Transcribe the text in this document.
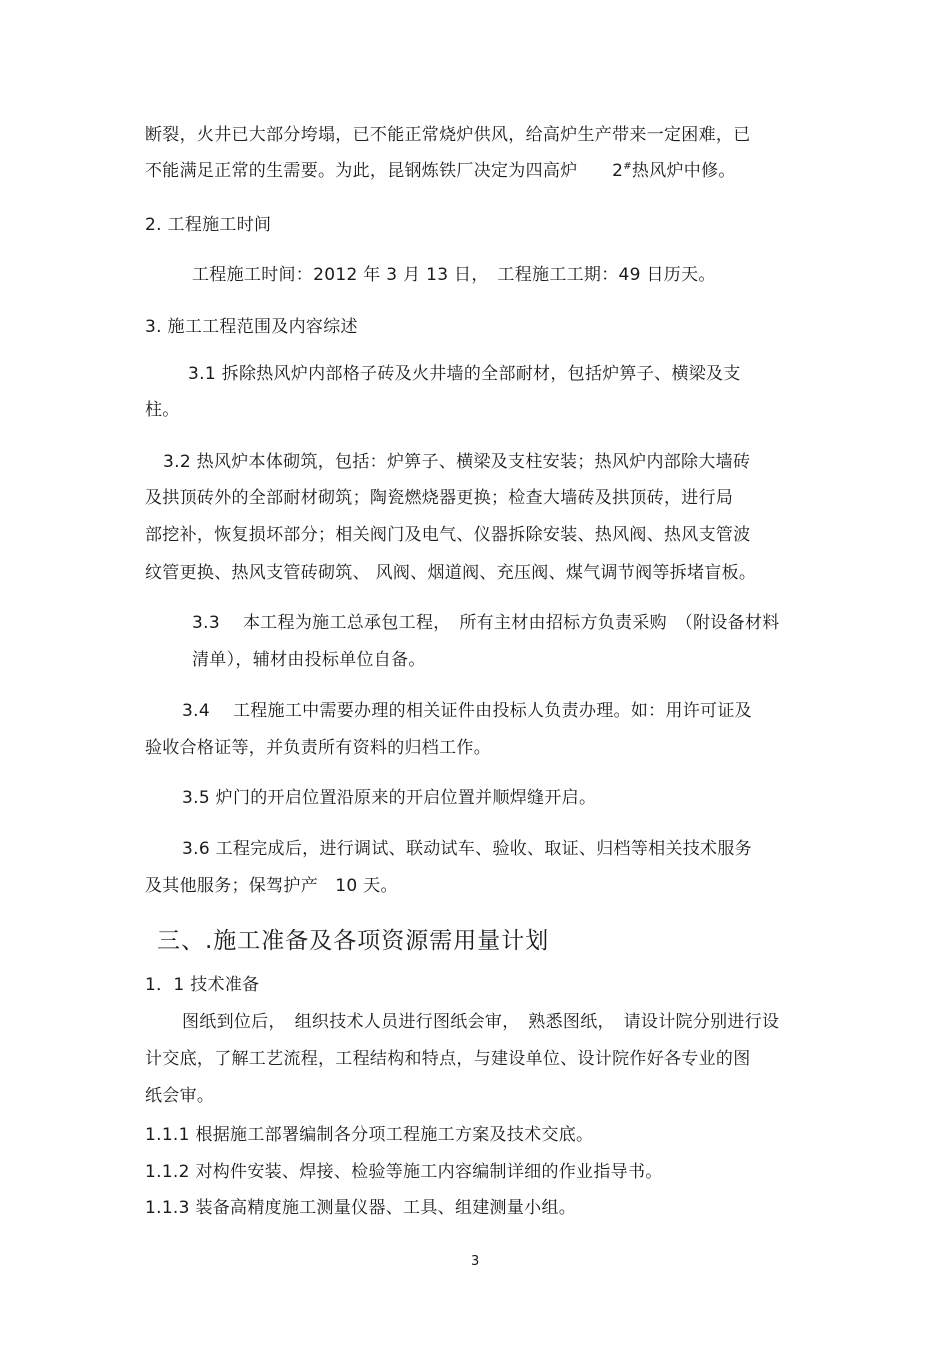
断裂，火井已大部分垮塌，已不能正常烧炉供风，给高炉生产带来一定困难，已
不能满足正常的生需要。为此，昆钢炼铁厂决定为四高炉　　2#热风炉中修。
2. 工程施工时间
工程施工时间：2012 年 3 月 13 日，　工程施工工期：49 日历天。
3. 施工工程范围及内容综述
3.1 拆除热风炉内部格子砖及火井墙的全部耐材，包括炉箅子、横梁及支
柱。
3.2 热风炉本体砌筑，包括：炉箅子、横梁及支柱安装；热风炉内部除大墙砖
及拱顶砖外的全部耐材砌筑；陶瓷燃烧器更换；检查大墙砖及拱顶砖，进行局
部挖补，恢复损坏部分；相关阀门及电气、仪器拆除安装、热风阀、热风支管波
纹管更换、热风支管砖砌筑、 风阀、烟道阀、充压阀、煤气调节阀等拆堵盲板。
3.3　 本工程为施工总承包工程，　所有主材由招标方负责采购　（附设备材料
清单），辅材由投标单位自备。
3.4　 工程施工中需要办理的相关证件由投标人负责办理。如：用许可证及
验收合格证等，并负责所有资料的归档工作。
3.5 炉门的开启位置沿原来的开启位置并顺焊缝开启。
3.6 工程完成后，进行调试、联动试车、验收、取证、归档等相关技术服务
及其他服务；保驾护产　10 天。
三、.施工准备及各项资源需用量计划
1．1 技术准备
图纸到位后，　组织技术人员进行图纸会审，　熟悉图纸，　请设计院分别进行设
计交底，了解工艺流程，工程结构和特点，与建设单位、设计院作好各专业的图
纸会审。
1.1.1 根据施工部署编制各分项工程施工方案及技术交底。
1.1.2 对构件安装、焊接、检验等施工内容编制详细的作业指导书。
1.1.3 装备高精度施工测量仪器、工具、组建测量小组。
3
